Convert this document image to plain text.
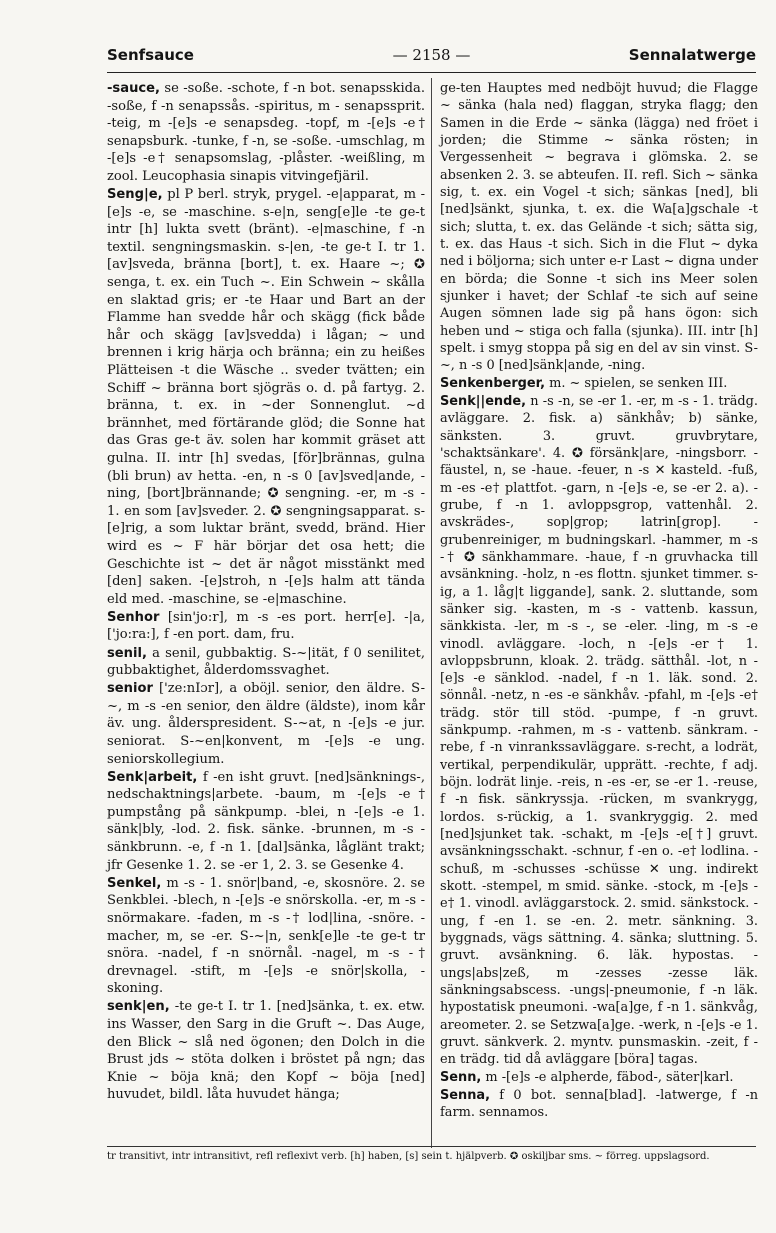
Senfsauce	— 2158 —	Sennalatwerge

-sauce, se -soße. -schote, f -n bot. senapsskida. -soße, f -n senapssås. -spiritus, m - senapssprit. -teig, m -[e]s -e senapsdeg. -topf, m -[e]s -e† senapsburk. -tunke, f -n, se -soße. -umschlag, m -[e]s -e† senapsomslag, -plåster. -weißling, m zool. Leucophasia sinapis vitvingefjäril.

Seng|e, pl P berl. stryk, prygel. -e|apparat, m -[e]s -e, se -maschine. s-e|n, seng[e]le -te ge-t intr [h] lukta svett (bränt). -e|maschine, f -n textil. sengningsmaskin. s-|en, -te ge-t I. tr 1. [av]sveda, bränna [bort], t. ex. Haare ~; ✪ senga, t. ex. ein Tuch ~. Ein Schwein ~ skålla en slaktad gris; er -te Haar und Bart an der Flamme han svedde hår och skägg (fick både hår och skägg [av]svedda) i lågan; ~ und brennen i krig härja och bränna; ein zu heißes Plätteisen -t die Wäsche .. sveder tvätten; ein Schiff ~ bränna bort sjögräs o. d. på fartyg. 2. bränna, t. ex. in ~der Sonnenglut. ~d brännhet, med förtärande glöd; die Sonne hat das Gras ge-t äv. solen har kommit gräset att gulna. II. intr [h] svedas, [för]brännas, gulna (bli brun) av hetta. -en, n -s 0 [av]sved|ande, -ning, [bort]brännande; ✪ sengning. -er, m -s - 1. en som [av]sveder. 2. ✪ sengningsapparat. s-[e]rig, a som luktar bränt, svedd, bränd. Hier wird es ~ F här börjar det osa hett; die Geschichte ist ~ det är något misstänkt med [den] saken. -[e]stroh, n -[e]s halm att tända eld med. -maschine, se -e|maschine.

Senhor [sin'jo:r], m -s -es port. herr[e]. -|a, ['jo:ra:], f -en port. dam, fru.

senil, a senil, gubbaktig. S-~|ität, f 0 senilitet, gubbaktighet, ålderdomssvaghet.

senior ['ze:nIɔr], a oböjl. senior, den äldre. S-~, m -s -en senior, den äldre (äldste), inom kår äv. ung. ålderspresident. S-~at, n -[e]s -e jur. seniorat. S-~en|konvent, m -[e]s -e ung. seniorskollegium.

Senk|arbeit, f -en isht gruvt. [ned]sänknings-, nedschaktnings|arbete. -baum, m -[e]s -e† pumpstång på sänkpump. -blei, n -[e]s -e 1. sänk|bly, -lod. 2. fisk. sänke. -brunnen, m -s - sänkbrunn. -e, f -n 1. [dal]sänka, låglänt trakt; jfr Gesenke 1. 2. se -er 1, 2. 3. se Gesenke 4.

Senkel, m -s - 1. snör|band, -e, skosnöre. 2. se Senkblei. -blech, n -[e]s -e snörskolla. -er, m -s - snörmakare. -faden, m -s -† lod|lina, -snöre. -macher, m, se -er. S-~|n, senk[e]le -te ge-t tr snöra. -nadel, f -n snörnål. -nagel, m -s -† drevnagel. -stift, m -[e]s -e snör|skolla, -skoning.

senk|en, -te ge-t I. tr 1. [ned]sänka, t. ex. etw. ins Wasser, den Sarg in die Gruft ~. Das Auge, den Blick ~ slå ned ögonen; den Dolch in die Brust jds ~ stöta dolken i bröstet på ngn; das Knie ~ böja knä; den Kopf ~ böja [ned] huvudet, bildl. låta huvudet hänga;

ge-ten Hauptes med nedböjt huvud; die Flagge ~ sänka (hala ned) flaggan, stryka flagg; den Samen in die Erde ~ sänka (lägga) ned fröet i jorden; die Stimme ~ sänka rösten; in Vergessenheit ~ begrava i glömska. 2. se absenken 2. 3. se abteufen. II. refl. Sich ~ sänka sig, t. ex. ein Vogel -t sich; sänkas [ned], bli [ned]sänkt, sjunka, t. ex. die Wa[a]gschale -t sich; slutta, t. ex. das Gelände -t sich; sätta sig, t. ex. das Haus -t sich. Sich in die Flut ~ dyka ned i böljorna; sich unter e-r Last ~ digna under en börda; die Sonne -t sich ins Meer solen sjunker i havet; der Schlaf -te sich auf seine Augen sömnen lade sig på hans ögon: sich heben und ~ stiga och falla (sjunka). III. intr [h] spelt. i smyg stoppa på sig en del av sin vinst. S-~, n -s 0 [ned]sänk|ande, -ning.

Senkenberger, m. ~ spielen, se senken III.

Senk||ende, n -s -n, se -er 1. -er, m -s - 1. trädg. avläggare. 2. fisk. a) sänkhåv; b) sänke, sänksten. 3. gruvt. gruvbrytare, 'schaktsänkare'. 4. ✪ försänk|are, -ningsborr. -fäustel, n, se -haue. -feuer, n -s ✕ kasteld. -fuß, m -es -e† plattfot. -garn, n -[e]s -e, se -er 2. a). -grube, f -n 1. avloppsgrop, vattenhål. 2. avskrädes-, sop|grop; latrin[grop]. -grubenreiniger, m budningskarl. -hammer, m -s -† ✪ sänkhammare. -haue, f -n gruvhacka till avsänkning. -holz, n -es flottn. sjunket timmer. s-ig, a 1. låg|t liggande], sank. 2. sluttande, som sänker sig. -kasten, m -s - vattenb. kassun, sänkkista. -ler, m -s -, se -eler. -ling, m -s -e vinodl. avläggare. -loch, n -[e]s -er† 1. avloppsbrunn, kloak. 2. trädg. sätthål. -lot, n -[e]s -e sänklod. -nadel, f -n 1. läk. sond. 2. sönnål. -netz, n -es -e sänkhåv. -pfahl, m -[e]s -e† trädg. stör till stöd. -pumpe, f -n gruvt. sänkpump. -rahmen, m -s - vattenb. sänkram. -rebe, f -n vinrankssavläggare. s-recht, a lodrät, vertikal, perpendikulär, upprätt. -rechte, f adj. böjn. lodrät linje. -reis, n -es -er, se -er 1. -reuse, f -n fisk. sänkryssja. -rücken, m svankrygg, lordos. s-rückig, a 1. svankryggig. 2. med [ned]sjunket tak. -schakt, m -[e]s -e[†] gruvt. avsänkningsschakt. -schnur, f -en o. -e† lodlina. -schuß, m -schusses -schüsse ✕ ung. indirekt skott. -stempel, m smid. sänke. -stock, m -[e]s -e† 1. vinodl. avläggarstock. 2. smid. sänkstock. -ung, f -en 1. se -en. 2. metr. sänkning. 3. byggnads, vägs sättning. 4. sänka; sluttning. 5. gruvt. avsänkning. 6. läk. hypostas. -ungs|abs|zeß, m -zesses -zesse läk. sänkningsabscess. -ungs|-pneumonie, f -n läk. hypostatisk pneumoni. -wa[a]ge, f -n 1. sänkvåg, areometer. 2. se Setzwa[a]ge. -werk, n -[e]s -e 1. gruvt. sänkverk. 2. myntv. punsmaskin. -zeit, f -en trädg. tid då avläggare [böra] tagas.

Senn, m -[e]s -e alpherde, fäbod-, säter|karl.

Senna, f 0 bot. senna[blad]. -latwerge, f -n farm. sennamos.

tr transitivt, intr intransitivt, refl reflexivt verb. [h] haben, [s] sein t. hjälpverb. ✪ oskiljbar sms. ~ förreg. uppslagsord.
